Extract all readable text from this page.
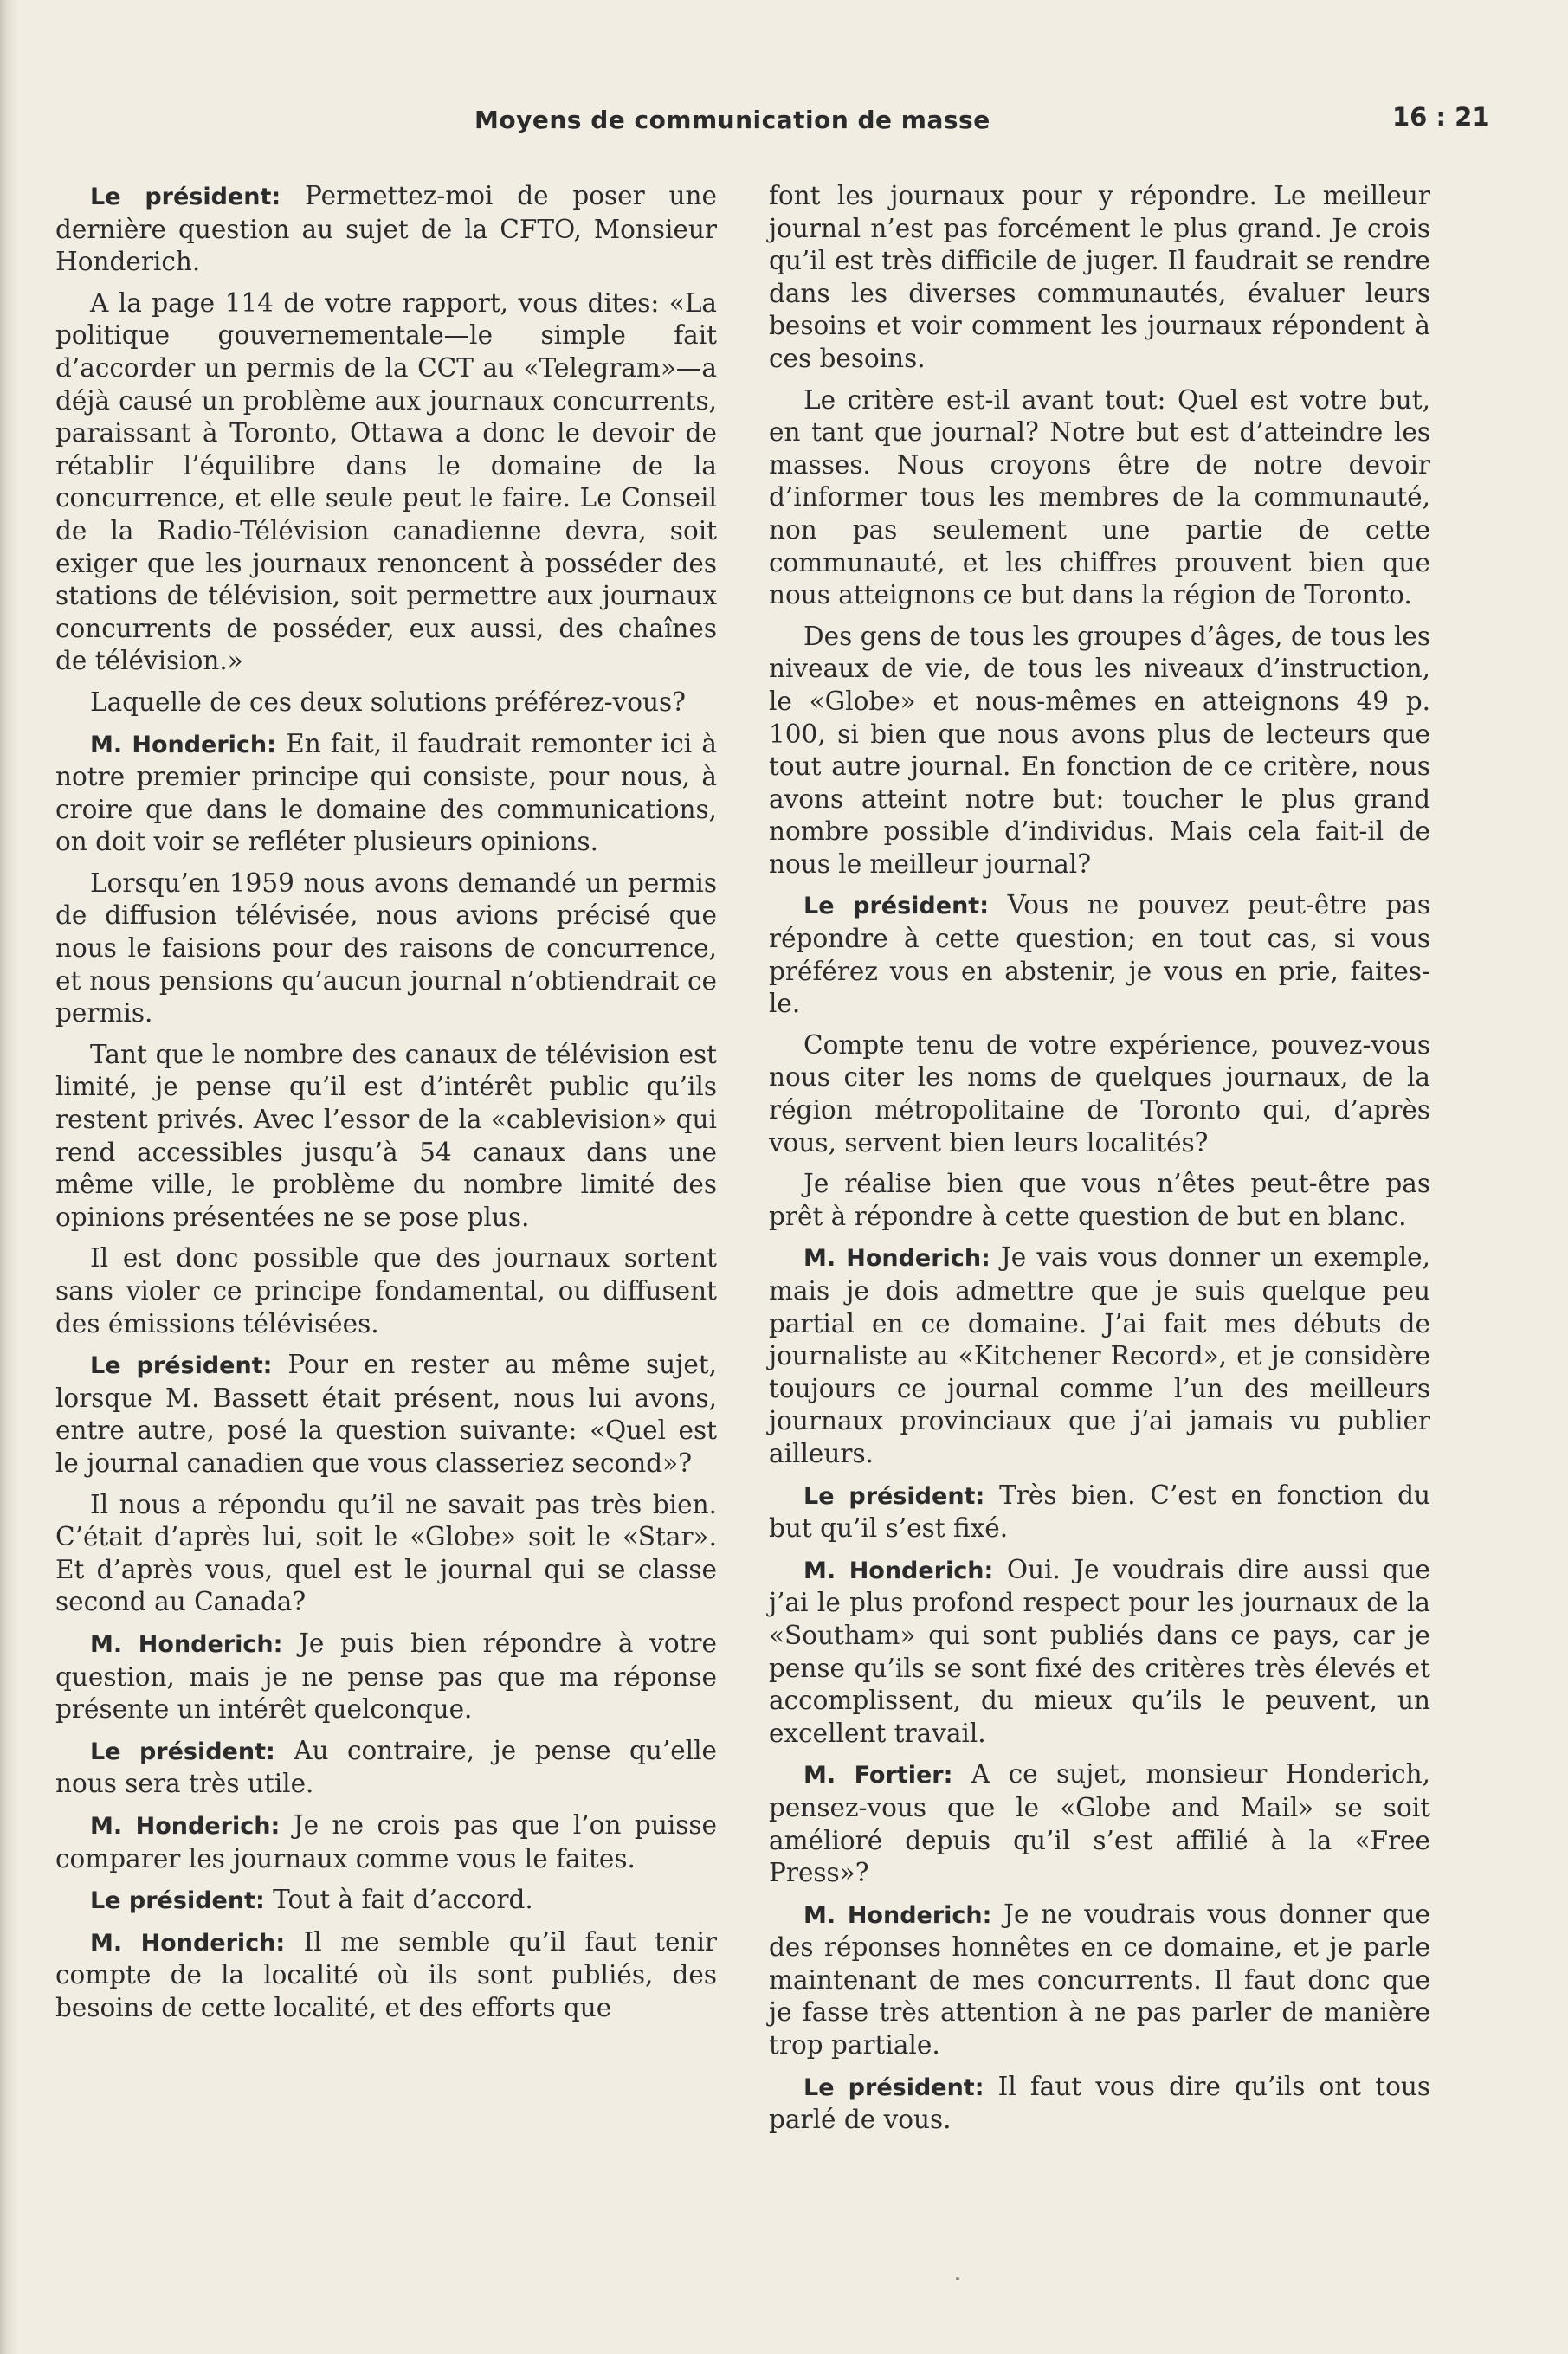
Moyens de communication de masse	16 : 21

Le président: Permettez-moi de poser une dernière question au sujet de la CFTO, Monsieur Honderich.

A la page 114 de votre rapport, vous dites: «La politique gouvernementale—le simple fait d’accorder un permis de la CCT au «Telegram»—a déjà causé un problème aux journaux concurrents, paraissant à Toronto, Ottawa a donc le devoir de rétablir l’équilibre dans le domaine de la concurrence, et elle seule peut le faire. Le Conseil de la Radio-Télévision canadienne devra, soit exiger que les journaux renoncent à posséder des stations de télévision, soit permettre aux journaux concurrents de posséder, eux aussi, des chaînes de télévision.»

Laquelle de ces deux solutions préférez-vous?

M. Honderich: En fait, il faudrait remonter ici à notre premier principe qui consiste, pour nous, à croire que dans le domaine des communications, on doit voir se refléter plusieurs opinions.

Lorsqu’en 1959 nous avons demandé un permis de diffusion télévisée, nous avions précisé que nous le faisions pour des raisons de concurrence, et nous pensions qu’aucun journal n’obtiendrait ce permis.

Tant que le nombre des canaux de télévision est limité, je pense qu’il est d’intérêt public qu’ils restent privés. Avec l’essor de la «cablevision» qui rend accessibles jusqu’à 54 canaux dans une même ville, le problème du nombre limité des opinions présentées ne se pose plus.

Il est donc possible que des journaux sortent sans violer ce principe fondamental, ou diffusent des émissions télévisées.

Le président: Pour en rester au même sujet, lorsque M. Bassett était présent, nous lui avons, entre autre, posé la question suivante: «Quel est le journal canadien que vous classeriez second»?

Il nous a répondu qu’il ne savait pas très bien. C’était d’après lui, soit le «Globe» soit le «Star». Et d’après vous, quel est le journal qui se classe second au Canada?

M. Honderich: Je puis bien répondre à votre question, mais je ne pense pas que ma réponse présente un intérêt quelconque.

Le président: Au contraire, je pense qu’elle nous sera très utile.

M. Honderich: Je ne crois pas que l’on puisse comparer les journaux comme vous le faites.

Le président: Tout à fait d’accord.

M. Honderich: Il me semble qu’il faut tenir compte de la localité où ils sont publiés, des besoins de cette localité, et des efforts que

font les journaux pour y répondre. Le meilleur journal n’est pas forcément le plus grand. Je crois qu’il est très difficile de juger. Il faudrait se rendre dans les diverses communautés, évaluer leurs besoins et voir comment les journaux répondent à ces besoins.

Le critère est-il avant tout: Quel est votre but, en tant que journal? Notre but est d’atteindre les masses. Nous croyons être de notre devoir d’informer tous les membres de la communauté, non pas seulement une partie de cette communauté, et les chiffres prouvent bien que nous atteignons ce but dans la région de Toronto.

Des gens de tous les groupes d’âges, de tous les niveaux de vie, de tous les niveaux d’instruction, le «Globe» et nous-mêmes en atteignons 49 p. 100, si bien que nous avons plus de lecteurs que tout autre journal. En fonction de ce critère, nous avons atteint notre but: toucher le plus grand nombre possible d’individus. Mais cela fait-il de nous le meilleur journal?

Le président: Vous ne pouvez peut-être pas répondre à cette question; en tout cas, si vous préférez vous en abstenir, je vous en prie, faites-le.

Compte tenu de votre expérience, pouvez-vous nous citer les noms de quelques journaux, de la région métropolitaine de Toronto qui, d’après vous, servent bien leurs localités?

Je réalise bien que vous n’êtes peut-être pas prêt à répondre à cette question de but en blanc.

M. Honderich: Je vais vous donner un exemple, mais je dois admettre que je suis quelque peu partial en ce domaine. J’ai fait mes débuts de journaliste au «Kitchener Record», et je considère toujours ce journal comme l’un des meilleurs journaux provinciaux que j’ai jamais vu publier ailleurs.

Le président: Très bien. C’est en fonction du but qu’il s’est fixé.

M. Honderich: Oui. Je voudrais dire aussi que j’ai le plus profond respect pour les journaux de la «Southam» qui sont publiés dans ce pays, car je pense qu’ils se sont fixé des critères très élevés et accomplissent, du mieux qu’ils le peuvent, un excellent travail.

M. Fortier: A ce sujet, monsieur Honderich, pensez-vous que le «Globe and Mail» se soit amélioré depuis qu’il s’est affilié à la «Free Press»?

M. Honderich: Je ne voudrais vous donner que des réponses honnêtes en ce domaine, et je parle maintenant de mes concurrents. Il faut donc que je fasse très attention à ne pas parler de manière trop partiale.

Le président: Il faut vous dire qu’ils ont tous parlé de vous.
